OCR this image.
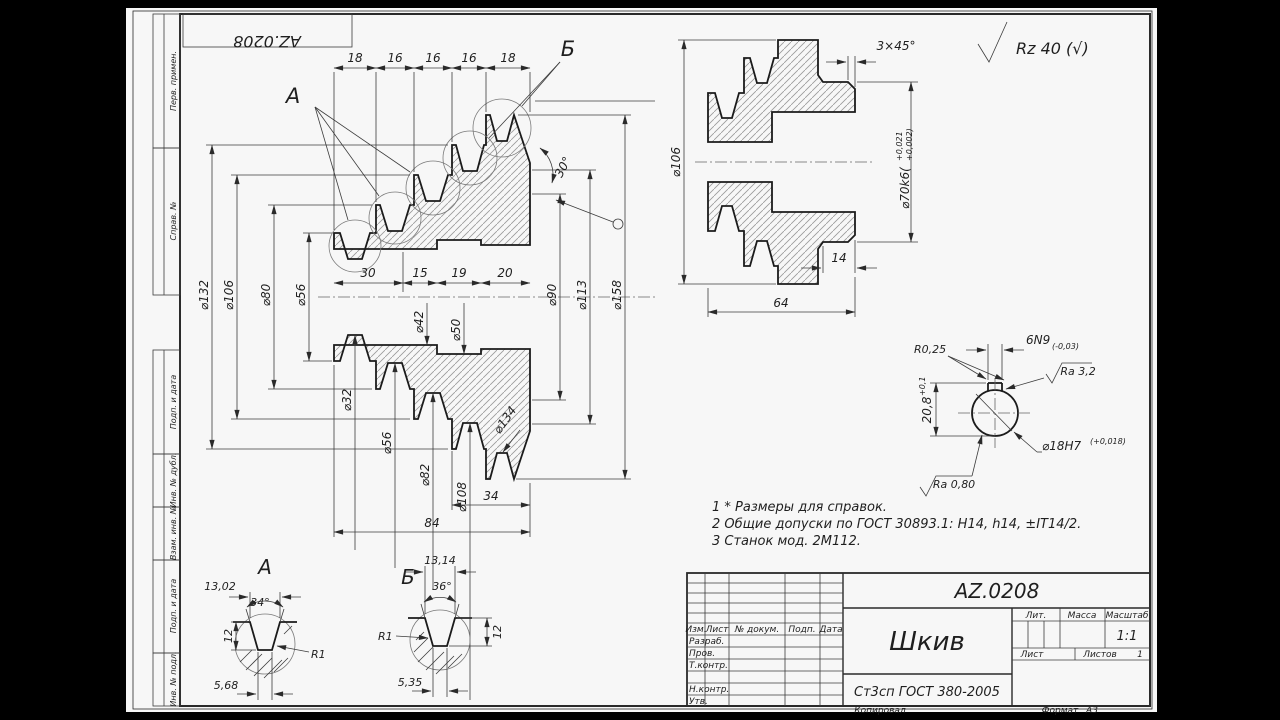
Перв. примен.
Справ. №
Подп. и дата
Инв. № дубл.
Взам. инв. №
Подп. и дата
Инв. № подл.
AZ.0208	Rz 40 (√)
А
Б
18 16 16 16 18
⌀132 ⌀106 ⌀80 ⌀56
30	15 19	20
⌀42 ⌀50
⌀90 ⌀113 ⌀158
⌀32
⌀56
⌀82
⌀108
⌀134
34
84
30°	⌀106
3×45°
⌀70k6(
+0,021 +0,002)
14
64
R0,25
6N9 (-0,03)
Ra 3,2
20,8
+0,1
⌀18H7 (+0,018)
Ra 0,80
1 * Размеры для справок.
2 Общие допуски по ГОСТ 30893.1: H14, h14, ±IT14/2.
3 Станок мод. 2М112.
А
13,02
34°
12
R1
5,68
Б
13,14
36°
12
R1
5,35
Изм. Лист № докум. Подп. Дата
Разраб.
Пров.
Т.контр.
Н.контр.
Утв.
AZ.0208
Шкив
Ст3сп ГОСТ 380-2005
Лит. Масса Масштаб
1:1
Лист	Листов 1
Копировал	Формат А3
